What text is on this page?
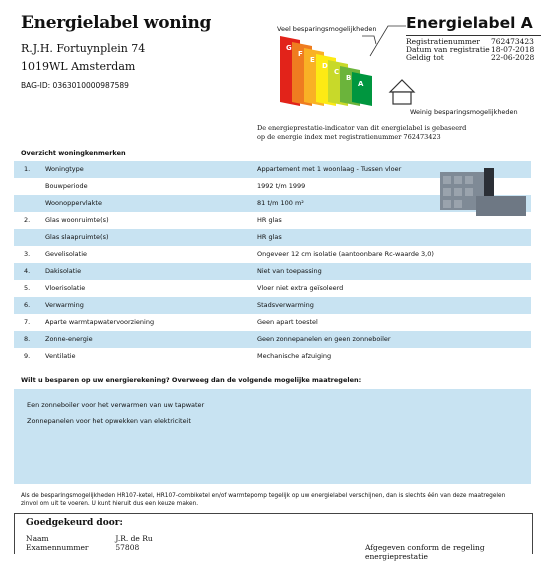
Energielabel woning
R.J.H. Fortuynplein 74
1019WL Amsterdam
BAG-ID: 0363010000987589
Veel besparingsmogelijkheden
Weinig besparingsmogelijkheden
G
F
E
D
C
B
A
Energielabel A
Registratienummer	762473423
Datum van registratie 18-07-2018
Geldig tot	22-06-2028
De energieprestatie-indicator van dit energielabel is gebaseerd
op de energie index met registratienummer 762473423
Overzicht woningkenmerken
1. Woningtype	Appartement met 1 woonlaag - Tussen vloer
Bouwperiode	1992 t/m 1999
Woonoppervlakte	81 t/m 100 m²
2. Glas woonruimte(s)	HR glas
Glas slaapruimte(s)	HR glas
3. Gevelisolatie	Ongeveer 12 cm isolatie (aantoonbare Rc-waarde 3,0)
4. Dakisolatie	Niet van toepassing
5. Vloerisolatie	Vloer niet extra geïsoleerd
6. Verwarming	Stadsverwarming
7. Aparte warmtapwatervoorziening	Geen apart toestel
8. Zonne-energie	Geen zonnepanelen en geen zonneboiler
9. Ventilatie	Mechanische afzuiging
Wilt u besparen op uw energierekening? Overweeg dan de volgende mogelijke maatregelen:
Een zonneboiler voor het verwarmen van uw tapwater
Zonnepanelen voor het opwekken van elektriciteit
Als de besparingsmogelijkheden HR107-ketel, HR107-combiketel en/of warmtepomp tegelijk op uw energielabel verschijnen, dan is slechts één van deze maatregelen zinvol om uit te voeren. U kunt hieruit dus een keuze maken.
Goedgekeurd door:
Naam	J.R. de Ru
Examennummer	57808	Afgegeven conform de regeling energieprestatie
